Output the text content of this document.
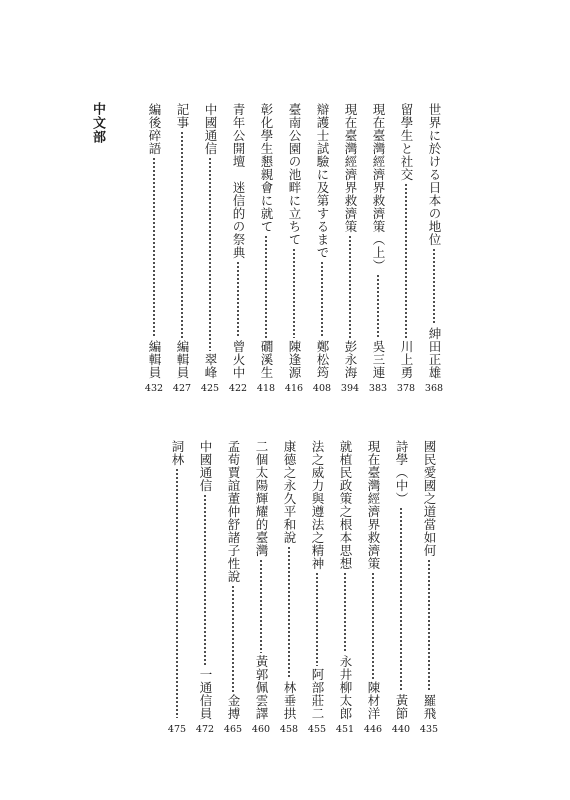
中文部	世界に於ける日本の地位
紳田正雄
368
留學生と社交
川上勇
378
現在臺灣經濟界救濟策（上）
吳三連
383
現在臺灣經濟界救濟策
彭永海
394
辯護士試驗に及第するまで
鄭松筠
408
臺南公園の池畔に立ちて
陳逢源
416
彰化學生懇親會に就て
礀溪生
418
青年公開壇　迷信的の祭典
曾火中
422
中國通信
翠峰
425
記事
編輯員
427
編後碎語
編輯員
432
國民愛國之道當如何
羅飛
435
詩學（中）
黃節
440
現在臺灣經濟界救濟策
陳材洋
446
就植民政策之根本思想
永井柳太郎
451
法之威力與遵法之精神
阿部莊二
455
康德之永久平和說
林垂拱
458
二個太陽輝耀的臺灣
黃郭佩雲譯
460
孟荀賈誼董仲舒諸子性說
金搏
465
中國通信
一通信員
472
詞林
475
